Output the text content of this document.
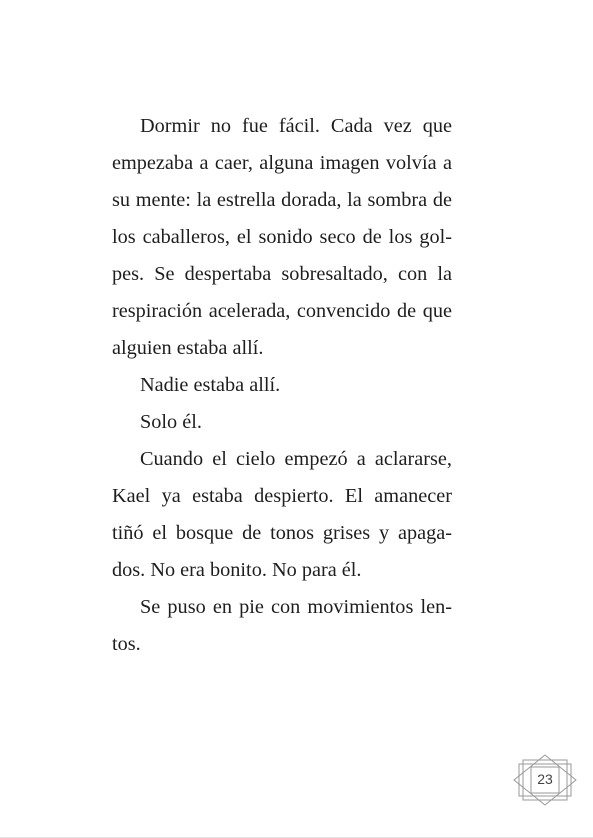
Dormir no fue fácil. Cada vez que empezaba a caer, alguna imagen volvía a su mente: la estrella dorada, la sombra de los caballeros, el sonido seco de los gol-pes. Se despertaba sobresaltado, con la respiración acelerada, convencido de que alguien estaba allí.

Nadie estaba allí.

Solo él.

Cuando el cielo empezó a aclararse, Kael ya estaba despierto. El amanecer tiñó el bosque de tonos grises y apaga-dos. No era bonito. No para él.

Se puso en pie con movimientos len-tos.

23
